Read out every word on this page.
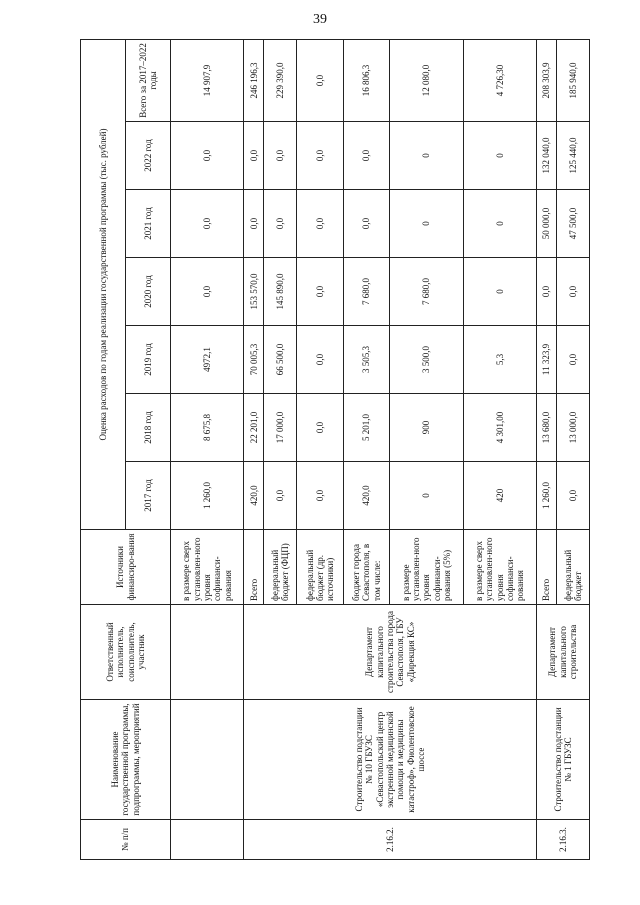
39
№ п/п	Наименование государственной программы, подпрограммы, мероприятий	Ответственный исполнитель, соисполнитель, участник	Источники финансиро-вания	Оценка расходов по годам реализации государственной программы (тыс. рублей)						
				2017 год	2018 год	2019 год	2020 год	2021 год	2022 год	Всего за 2017–2022 годы
			в размере сверх установлен-ного уровня софинанси-рования	1 260,0	8 675,8	4972,1	0,0	0,0	0,0	14 907,9
2.16.2.	Строительство подстанции № 10 ГБУЗС «Севастопольский центр экстренной медицинской помощи и медицины катастроф», Фиолентовское шоссе	Департамент капитального строительства города Севастополя, ГБУ «Дирекция КС»	Всего	420,0	22 201,0	70 005,3	153 570,0	0,0	0,0	246 196,3
			федеральный бюджет (ФЦП)	0,0	17 000,0	66 500,0	145 890,0	0,0	0,0	229 390,0
			федеральный бюджет (др. источники)	0,0	0,0	0,0	0,0	0,0	0,0	0,0
			бюджет города Севастополя, в том числе:	420,0	5 201,0	3 505,3	7 680,0	0,0	0,0	16 806,3
			в размере установлен-ного уровня софинанси-рования (5%)	0	900	3 500,0	7 680,0	0	0	12 080,0
			в размере сверх установлен-ного уровня софинанси-рования	420	4 301,00	5,3	0	0	0	4 726,30
2.16.3.	Строительство подстанции № 1 ГБУЗС	Департамент капитального строительства	Всего	1 260,0	13 680,0	11 323,9	0,0	50 000,0	132 040,0	208 303,9
			федеральный бюджет	0,0	13 000,0	0,0	0,0	47 500,0	125 440,0	185 940,0
